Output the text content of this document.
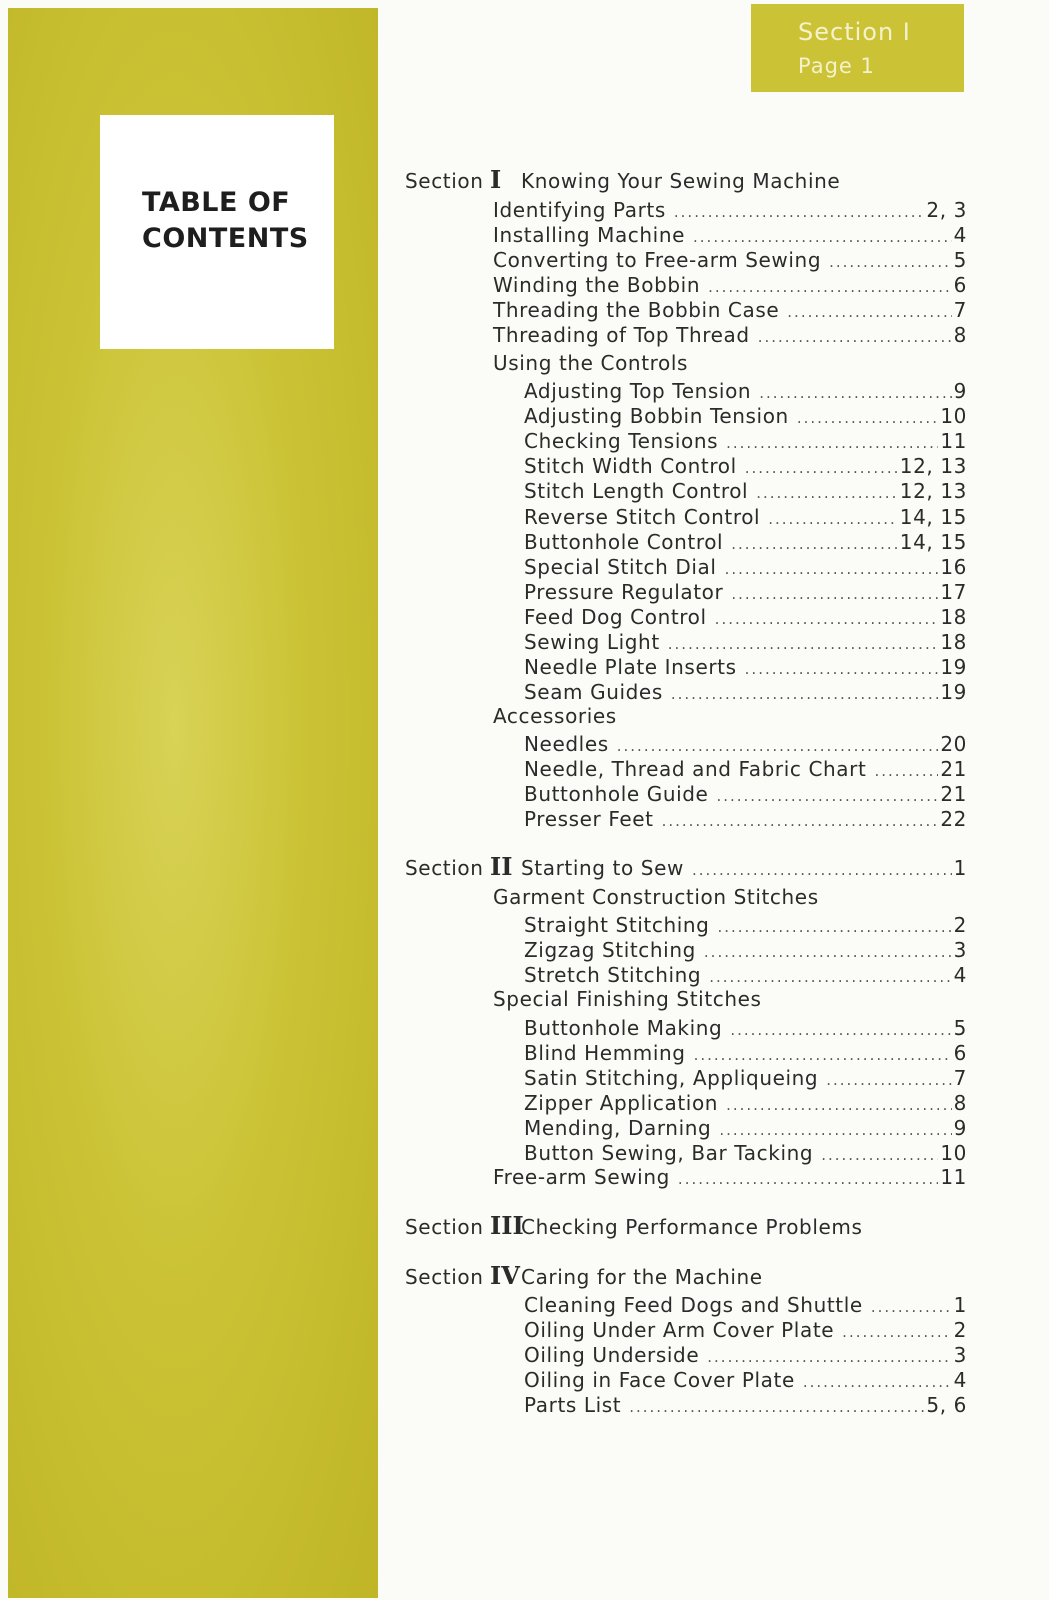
TABLE OF
CONTENTS
Section I
Page 1
Section I Knowing Your Sewing Machine
Identifying Parts .....	2, 3
Installing Machine .....	4
Converting to Free-arm Sewing .....	5
Winding the Bobbin .....	6
Threading the Bobbin Case .....	7
Threading of Top Thread .....	8
Using the Controls
Adjusting Top Tension .....	9
Adjusting Bobbin Tension .....	10
Checking Tensions .....	11
Stitch Width Control .....	12, 13
Stitch Length Control .....	12, 13
Reverse Stitch Control .....	14, 15
Buttonhole Control .....	14, 15
Special Stitch Dial .....	16
Pressure Regulator .....	17
Feed Dog Control .....	18
Sewing Light .....	18
Needle Plate Inserts .....	19
Seam Guides .....	19
Accessories
Needles .....	20
Needle, Thread and Fabric Chart .....	21
Buttonhole Guide .....	21
Presser Feet .....	22
Section II Starting to Sew .....	1
Garment Construction Stitches
Straight Stitching .....	2
Zigzag Stitching .....	3
Stretch Stitching .....	4
Special Finishing Stitches
Buttonhole Making .....	5
Blind Hemming .....	6
Satin Stitching, Appliqueing .....	7
Zipper Application .....	8
Mending, Darning .....	9
Button Sewing, Bar Tacking .....	10
Free-arm Sewing .....	11
Section III
Checking Performance Problems
Section IV Caring for the Machine
Cleaning Feed Dogs and Shuttle .....	1
Oiling Under Arm Cover Plate .....	2
Oiling Underside .....	3
Oiling in Face Cover Plate .....	4
Parts List .....	5, 6
